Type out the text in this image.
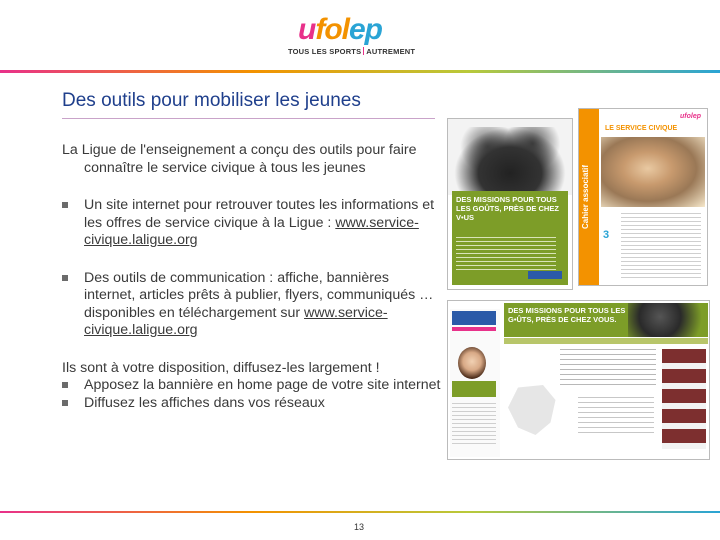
ufolep
TOUS LES SPORTS AUTREMENT
Des outils pour mobiliser les jeunes
La Ligue de l'enseignement a conçu des outils pour faire connaître le service civique à tous les jeunes
Un site internet pour retrouver toutes les informations et les offres de service civique à la Ligue : www.service-civique.laligue.org
Des outils de communication : affiche, bannières internet, articles prêts à publier, flyers, communiqués … disponibles en téléchargement sur www.service-civique.laligue.org
Ils sont à votre disposition, diffusez-les largement !
Apposez la bannière en home page de votre site internet
Diffusez les affiches dans vos réseaux
DES MISSIONS POUR TOUS LES GOÛTS, PRÈS DE CHEZ V•US	Cahier associatif
ufolep
LE SERVICE CIVIQUE
3
DES MISSIONS POUR TOUS LES G•ÛTS, PRÈS DE CHEZ VOUS.
13
